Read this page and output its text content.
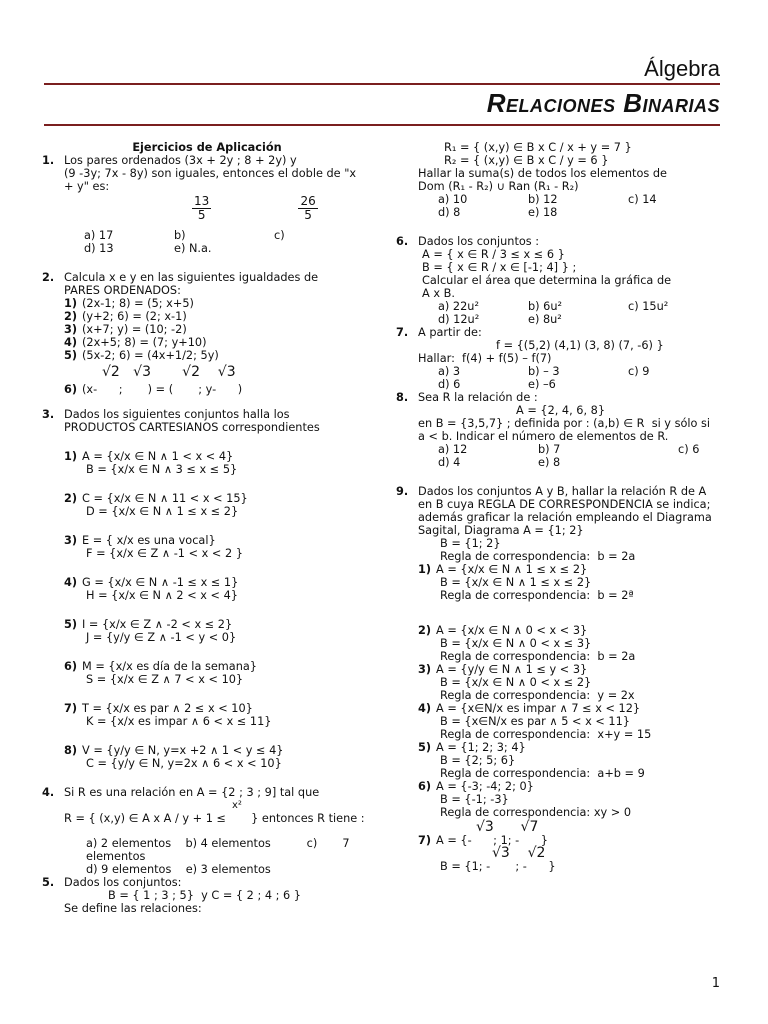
Álgebra
Relaciones Binarias
Ejercicios de Aplicación
1. Los pares ordenados (3x + 2y ; 8 + 2y) y
(9 -3y; 7x - 8y) son iguales, entonces el doble de "x
+ y" es:
$\frac{13}{5}$
	$\frac{26}{5}$
a) 17	b)	c)
d) 13	e) N.a.
2. Calcula x e y en las siguientes igualdades de
PARES ORDENADOS:
1) (2x-1; 8) = (5; x+5)
2) (y+2; 6) = (2; x-1)
3) (x+7; y) = (10; -2)
4) (2x+5; 8) = (7; y+10)
5) (5x-2; 6) = (4x+1/2; 5y)
√2   √3       √2    √3
6) (x-      ;       ) = (       ; y-      )
3. Dados los siguientes conjuntos halla los
PRODUCTOS CARTESIANOS correspondientes
1) A = {x/x ∈ N ∧ 1 < x < 4}
B = {x/x ∈ N ∧ 3 ≤ x ≤ 5}
2) C = {x/x ∈ N ∧ 11 < x < 15}
D = {x/x ∈ N ∧ 1 ≤ x ≤ 2}
3) E = { x/x es una vocal}
F = {x/x ∈ Z ∧ -1 < x < 2 }
4) G = {x/x ∈ N ∧ -1 ≤ x ≤ 1}
H = {x/x ∈ N ∧ 2 < x < 4}
5) I = {x/x ∈ Z ∧ -2 < x ≤ 2}
J = {y/y ∈ Z ∧ -1 < y < 0}
6) M = {x/x es día de la semana}
S = {x/x ∈ Z ∧ 7 < x < 10}
7) T = {x/x es par ∧ 2 ≤ x < 10}
K = {x/x es impar ∧ 6 < x ≤ 11}
8) V = {y/y ∈ N, y=x +2 ∧ 1 < y ≤ 4}
C = {y/y ∈ N, y=2x ∧ 6 < x < 10}
4. Si R es una relación en A = {2 ; 3 ; 9] tal que
x²
R = { (x,y) ∈ A x A / y + 1 ≤       } entonces R tiene :
a) 2 elementos    b) 4 elementos          c)       7
elementos
d) 9 elementos    e) 3 elementos
5. Dados los conjuntos:
B = { 1 ; 3 ; 5}  y C = { 2 ; 4 ; 6 }
Se define las relaciones:
R₁ = { (x,y) ∈ B x C / x + y = 7 }
R₂ = { (x,y) ∈ B x C / y = 6 }
Hallar la suma(s) de todos los elementos de
Dom (R₁ - R₂) ∪ Ran (R₁ - R₂)
a) 10	b) 12	c) 14
d) 8	e) 18
6. Dados los conjuntos :
A = { x ∈ R / 3 ≤ x ≤ 6 }
B = { x ∈ R / x ∈ [-1; 4] } ;
Calcular el área que determina la gráfica de
A x B.
a) 22u²	b) 6u²	c) 15u²
d) 12u²	e) 8u²
7. A partir de:
f = {(5,2) (4,1) (3, 8) (7, -6) }
Hallar:  f(4) + f(5) – f(7)
a) 3	b) – 3	c) 9
d) 6	e) –6
8. Sea R la relación de :
A = {2, 4, 6, 8}
en B = {3,5,7} ; definida por : (a,b) ∈ R  si y sólo si
a < b. Indicar el número de elementos de R.
a) 12	b) 7	c) 6
d) 4	e) 8
9. Dados los conjuntos A y B, hallar la relación R de A
en B cuya REGLA DE CORRESPONDENCIA se indica;
además graficar la relación empleando el Diagrama
Sagital, Diagrama A = {1; 2}
B = {1; 2}
Regla de correspondencia:  b = 2a
1) A = {x/x ∈ N ∧ 1 ≤ x ≤ 2}
B = {x/x ∈ N ∧ 1 ≤ x ≤ 2}
Regla de correspondencia:  b = 2ª
2) A = {x/x ∈ N ∧ 0 < x < 3}
B = {x/x ∈ N ∧ 0 < x ≤ 3}
Regla de correspondencia:  b = 2a
3) A = {y/y ∈ N ∧ 1 ≤ y < 3}
B = {x/x ∈ N ∧ 0 < x ≤ 2}
Regla de correspondencia:  y = 2x
4) A = {x∈N/x es impar ∧ 7 ≤ x < 12}
B = {x∈N/x es par ∧ 5 < x < 11}
Regla de correspondencia:  x+y = 15
5) A = {1; 2; 3; 4}
B = {2; 5; 6}
Regla de correspondencia:  a+b = 9
6) A = {-3; -4; 2; 0}
B = {-1; -3}
Regla de correspondencia: xy > 0
√3      √7
7) A = {-      ; 1; -      }
√3    √2
B = {1; -       ; -      }
1
